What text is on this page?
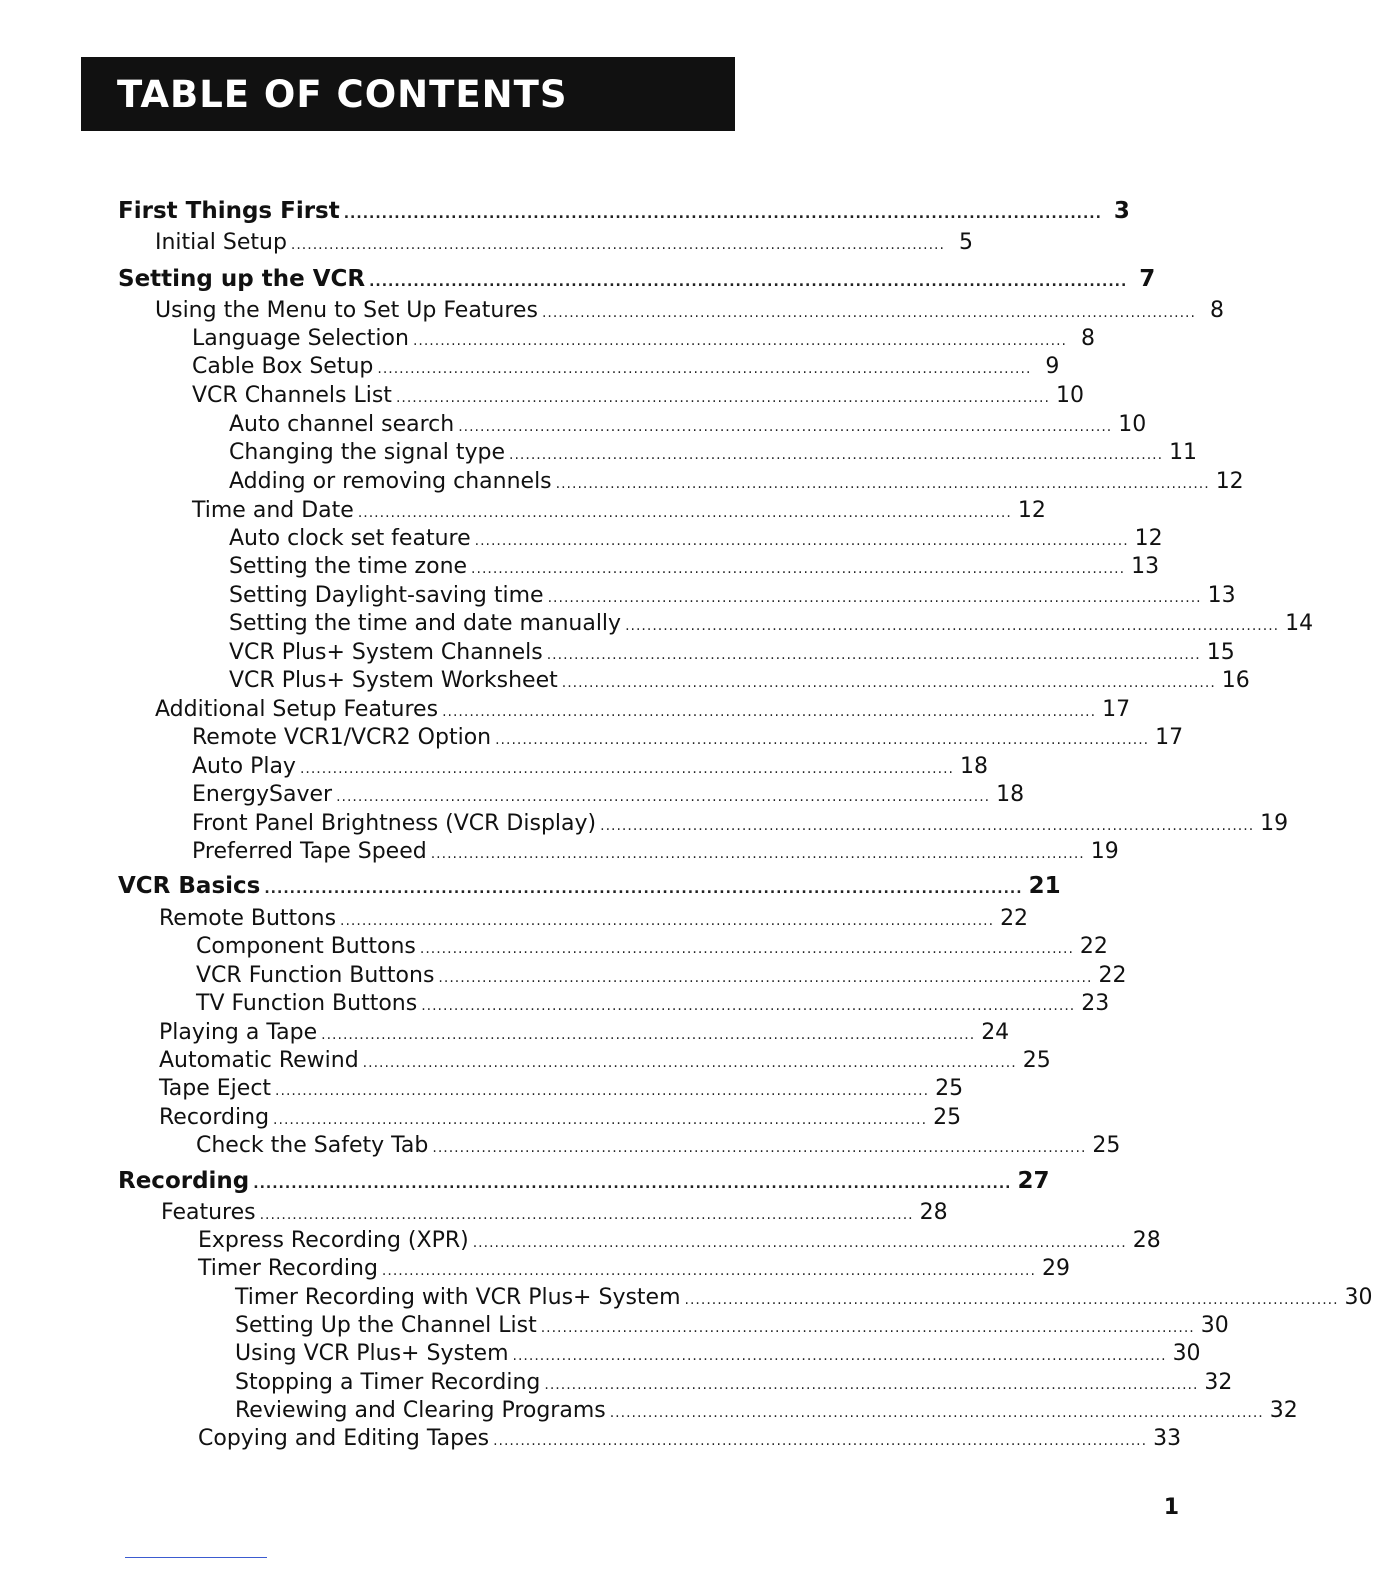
TABLE OF CONTENTS
First Things First ........................................................................................................................ 3
Initial Setup ........................................................................................................................ 5
Setting up the VCR ........................................................................................................................ 7
Using the Menu to Set Up Features ........................................................................................................................ 8
Language Selection ........................................................................................................................ 8
Cable Box Setup ........................................................................................................................ 9
VCR Channels List ........................................................................................................................ 10
Auto channel search ........................................................................................................................ 10
Changing the signal type ........................................................................................................................ 11
Adding or removing channels ........................................................................................................................ 12
Time and Date ........................................................................................................................ 12
Auto clock set feature ........................................................................................................................ 12
Setting the time zone ........................................................................................................................ 13
Setting Daylight-saving time ........................................................................................................................ 13
Setting the time and date manually ........................................................................................................................ 14
VCR Plus+ System Channels ........................................................................................................................ 15
VCR Plus+ System Worksheet ........................................................................................................................ 16
Additional Setup Features ........................................................................................................................ 17
Remote VCR1/VCR2 Option ........................................................................................................................ 17
Auto Play ........................................................................................................................ 18
EnergySaver ........................................................................................................................ 18
Front Panel Brightness (VCR Display) ........................................................................................................................ 19
Preferred Tape Speed ........................................................................................................................ 19
VCR Basics ........................................................................................................................ 21
Remote Buttons ........................................................................................................................ 22
Component Buttons ........................................................................................................................ 22
VCR Function Buttons ........................................................................................................................ 22
TV Function Buttons ........................................................................................................................ 23
Playing a Tape ........................................................................................................................ 24
Automatic Rewind ........................................................................................................................ 25
Tape Eject ........................................................................................................................ 25
Recording ........................................................................................................................ 25
Check the Safety Tab ........................................................................................................................ 25
Recording ........................................................................................................................ 27
Features ........................................................................................................................ 28
Express Recording (XPR) ........................................................................................................................ 28
Timer Recording ........................................................................................................................ 29
Timer Recording with VCR Plus+ System ........................................................................................................................ 30
Setting Up the Channel List ........................................................................................................................ 30
Using VCR Plus+ System ........................................................................................................................ 30
Stopping a Timer Recording ........................................................................................................................ 32
Reviewing and Clearing Programs ........................................................................................................................ 32
Copying and Editing Tapes ........................................................................................................................ 33
1
